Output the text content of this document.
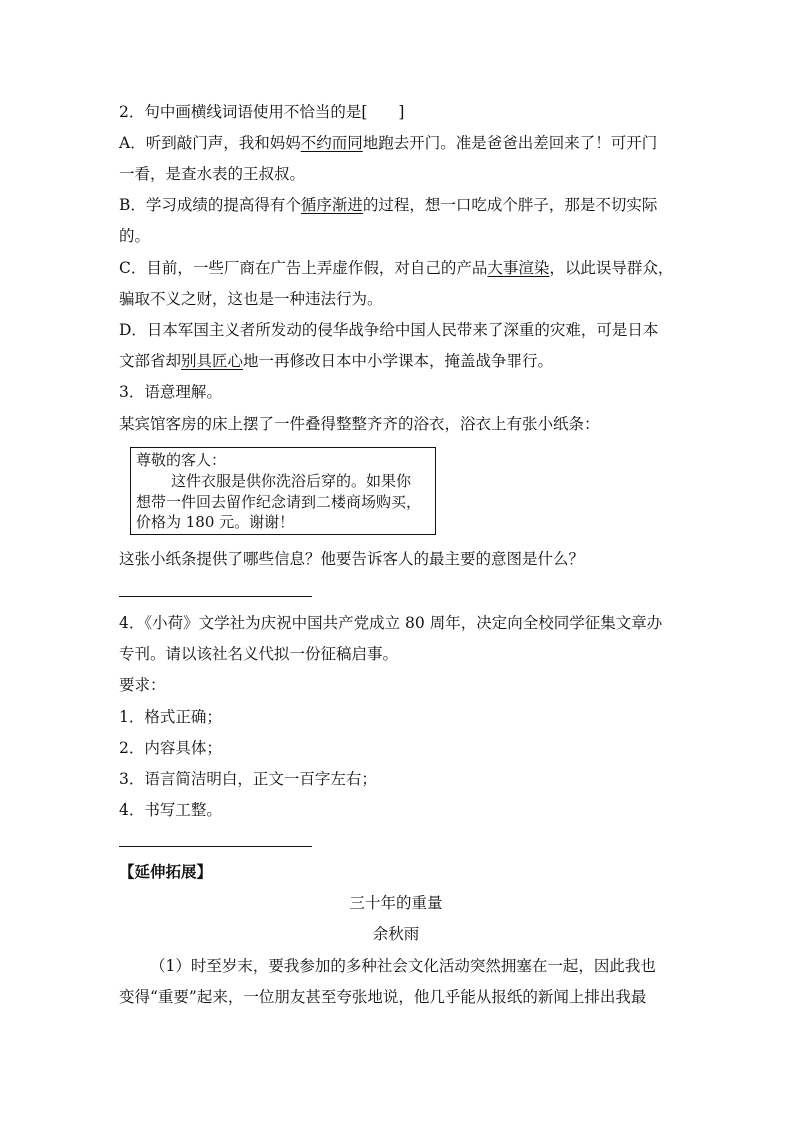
2．句中画横线词语使用不恰当的是[　　]
A．听到敲门声，我和妈妈不约而同地跑去开门。准是爸爸出差回来了！可开门
一看，是查水表的王叔叔。
B．学习成绩的提高得有个循序渐进的过程，想一口吃成个胖子，那是不切实际
的。
C．目前，一些厂商在广告上弄虚作假，对自己的产品大事渲染，以此误导群众，
骗取不义之财，这也是一种违法行为。
D．日本军国主义者所发动的侵华战争给中国人民带来了深重的灾难，可是日本
文部省却别具匠心地一再修改日本中小学课本，掩盖战争罪行。
3．语意理解。
某宾馆客房的床上摆了一件叠得整整齐齐的浴衣，浴衣上有张小纸条：
尊敬的客人：
这件衣服是供你洗浴后穿的。如果你
想带一件回去留作纪念请到二楼商场购买，
价格为 180 元。谢谢！
这张小纸条提供了哪些信息？他要告诉客人的最主要的意图是什么？
4．《小荷》文学社为庆祝中国共产党成立 80 周年，决定向全校同学征集文章办
专刊。请以该社名义代拟一份征稿启事。
要求：
1．格式正确；
2．内容具体；
3．语言简洁明白，正文一百字左右；
4．书写工整。
【延伸拓展】
三十年的重量
余秋雨
（1）时至岁末，要我参加的多种社会文化活动突然拥塞在一起，因此我也
变得“重要”起来，一位朋友甚至夸张地说，他几乎能从报纸的新闻上排出我最
